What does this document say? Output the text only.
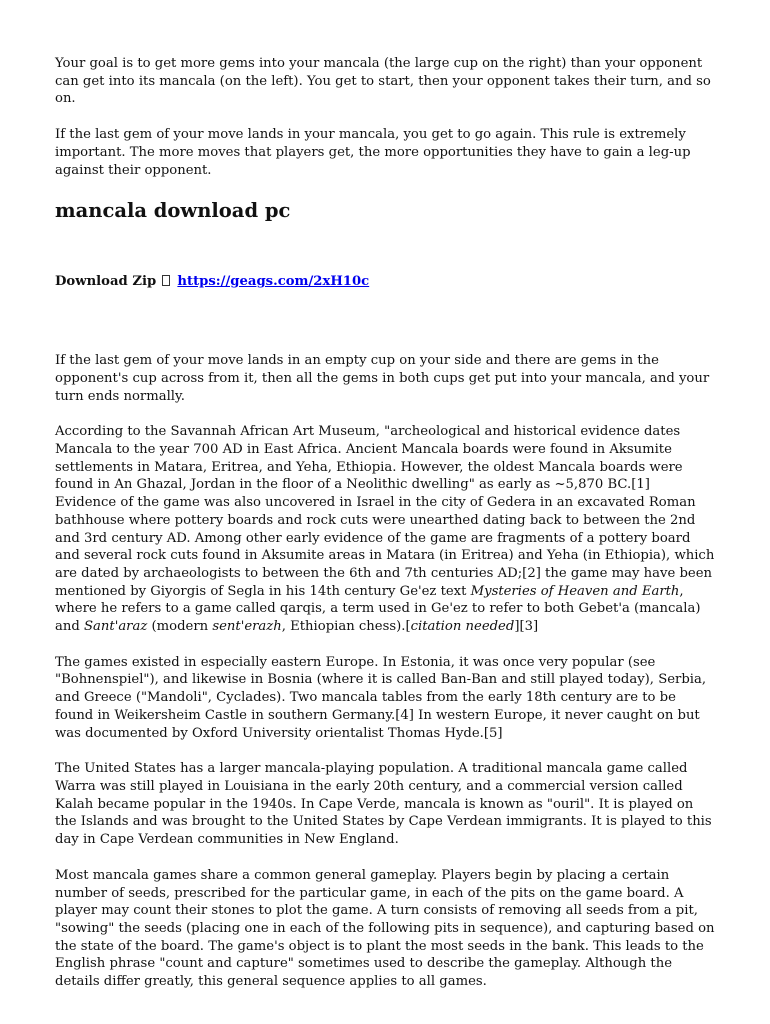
Your goal is to get more gems into your mancala (the large cup on the right) than your opponent can get into its mancala (on the left). You get to start, then your opponent takes their turn, and so on.

If the last gem of your move lands in your mancala, you get to go again. This rule is extremely important. The more moves that players get, the more opportunities they have to gain a leg-up against their opponent.

mancala download pc
Download Zip https://geags.com/2xH10c

If the last gem of your move lands in an empty cup on your side and there are gems in the opponent's cup across from it, then all the gems in both cups get put into your mancala, and your turn ends normally.

According to the Savannah African Art Museum, "archeological and historical evidence dates Mancala to the year 700 AD in East Africa. Ancient Mancala boards were found in Aksumite settlements in Matara, Eritrea, and Yeha, Ethiopia. However, the oldest Mancala boards were found in An Ghazal, Jordan in the floor of a Neolithic dwelling" as early as ~5,870 BC.[1] Evidence of the game was also uncovered in Israel in the city of Gedera in an excavated Roman bathhouse where pottery boards and rock cuts were unearthed dating back to between the 2nd and 3rd century AD. Among other early evidence of the game are fragments of a pottery board and several rock cuts found in Aksumite areas in Matara (in Eritrea) and Yeha (in Ethiopia), which are dated by archaeologists to between the 6th and 7th centuries AD;[2] the game may have been mentioned by Giyorgis of Segla in his 14th century Ge'ez text Mysteries of Heaven and Earth, where he refers to a game called qarqis, a term used in Ge'ez to refer to both Gebet'a (mancala) and Sant'araz (modern sent'erazh, Ethiopian chess).[citation needed][3]

The games existed in especially eastern Europe. In Estonia, it was once very popular (see "Bohnenspiel"), and likewise in Bosnia (where it is called Ban-Ban and still played today), Serbia, and Greece ("Mandoli", Cyclades). Two mancala tables from the early 18th century are to be found in Weikersheim Castle in southern Germany.[4] In western Europe, it never caught on but was documented by Oxford University orientalist Thomas Hyde.[5]

The United States has a larger mancala-playing population. A traditional mancala game called Warra was still played in Louisiana in the early 20th century, and a commercial version called Kalah became popular in the 1940s. In Cape Verde, mancala is known as "ouril". It is played on the Islands and was brought to the United States by Cape Verdean immigrants. It is played to this day in Cape Verdean communities in New England.

Most mancala games share a common general gameplay. Players begin by placing a certain number of seeds, prescribed for the particular game, in each of the pits on the game board. A player may count their stones to plot the game. A turn consists of removing all seeds from a pit, "sowing" the seeds (placing one in each of the following pits in sequence), and capturing based on the state of the board. The game's object is to plant the most seeds in the bank. This leads to the English phrase "count and capture" sometimes used to describe the gameplay. Although the details differ greatly, this general sequence applies to all games.
